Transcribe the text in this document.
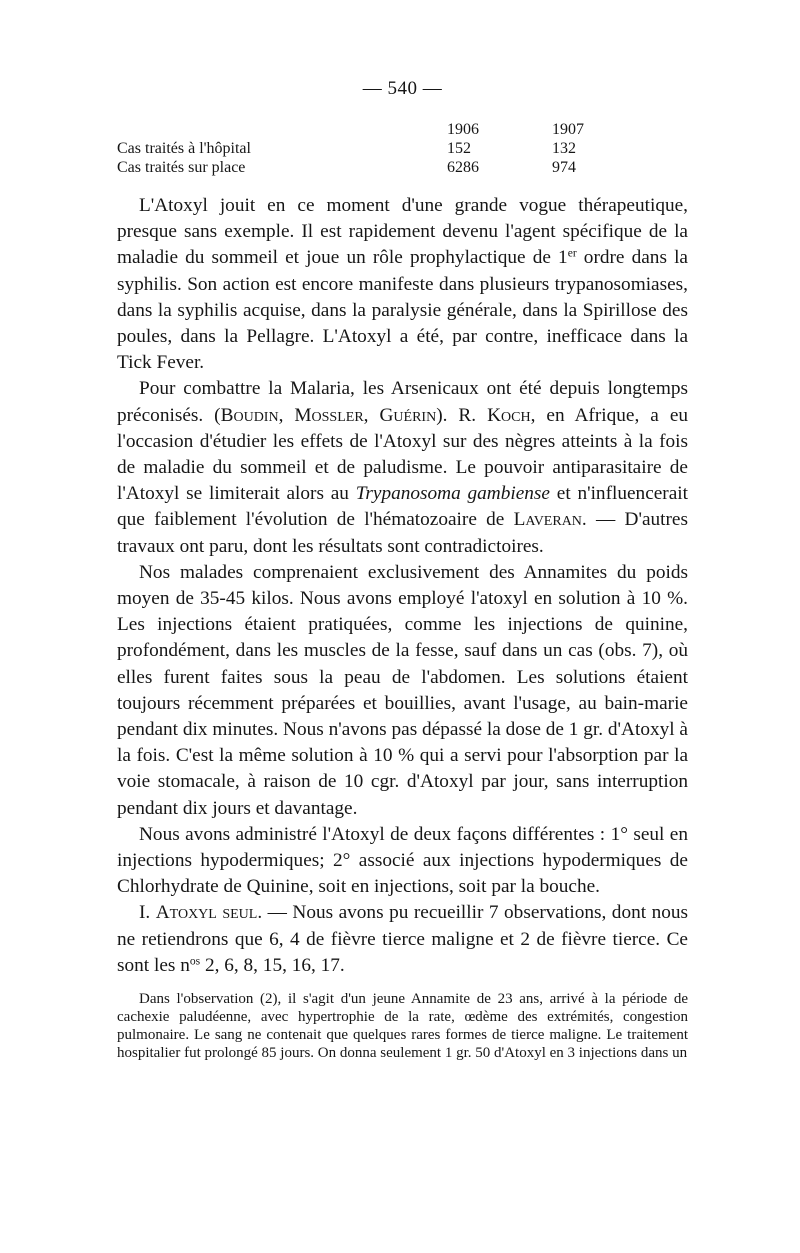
— 540 —
	1906	1907
Cas traités à l'hôpital	152	132
Cas traités sur place	6286	974

L'Atoxyl jouit en ce moment d'une grande vogue thérapeutique, presque sans exemple. Il est rapidement devenu l'agent spécifique de la maladie du sommeil et joue un rôle prophylactique de 1er ordre dans la syphilis. Son action est encore manifeste dans plusieurs trypanosomiases, dans la syphilis acquise, dans la paralysie générale, dans la Spirillose des poules, dans la Pellagre. L'Atoxyl a été, par contre, inefficace dans la Tick Fever.

Pour combattre la Malaria, les Arsenicaux ont été depuis longtemps préconisés. (Boudin, Mossler, Guérin). R. Koch, en Afrique, a eu l'occasion d'étudier les effets de l'Atoxyl sur des nègres atteints à la fois de maladie du sommeil et de paludisme. Le pouvoir antiparasitaire de l'Atoxyl se limiterait alors au Trypanosoma gambiense et n'influencerait que faiblement l'évolution de l'hématozoaire de Laveran. — D'autres travaux ont paru, dont les résultats sont contradictoires.

Nos malades comprenaient exclusivement des Annamites du poids moyen de 35-45 kilos. Nous avons employé l'atoxyl en solution à 10 %. Les injections étaient pratiquées, comme les injections de quinine, profondément, dans les muscles de la fesse, sauf dans un cas (obs. 7), où elles furent faites sous la peau de l'abdomen. Les solutions étaient toujours récemment préparées et bouillies, avant l'usage, au bain-marie pendant dix minutes. Nous n'avons pas dépassé la dose de 1 gr. d'Atoxyl à la fois. C'est la même solution à 10 % qui a servi pour l'absorption par la voie stomacale, à raison de 10 cgr. d'Atoxyl par jour, sans interruption pendant dix jours et davantage.

Nous avons administré l'Atoxyl de deux façons différentes : 1° seul en injections hypodermiques; 2° associé aux injections hypodermiques de Chlorhydrate de Quinine, soit en injections, soit par la bouche.

I. Atoxyl seul. — Nous avons pu recueillir 7 observations, dont nous ne retiendrons que 6, 4 de fièvre tierce maligne et 2 de fièvre tierce. Ce sont les $n^{os}$ 2, 6, 8, 15, 16, 17.

Dans l'observation (2), il s'agit d'un jeune Annamite de 23 ans, arrivé à la période de cachexie paludéenne, avec hypertrophie de la rate, œdème des extrémités, congestion pulmonaire. Le sang ne contenait que quelques rares formes de tierce maligne. Le traitement hospitalier fut prolongé 85 jours. On donna seulement 1 gr. 50 d'Atoxyl en 3 injections dans un
